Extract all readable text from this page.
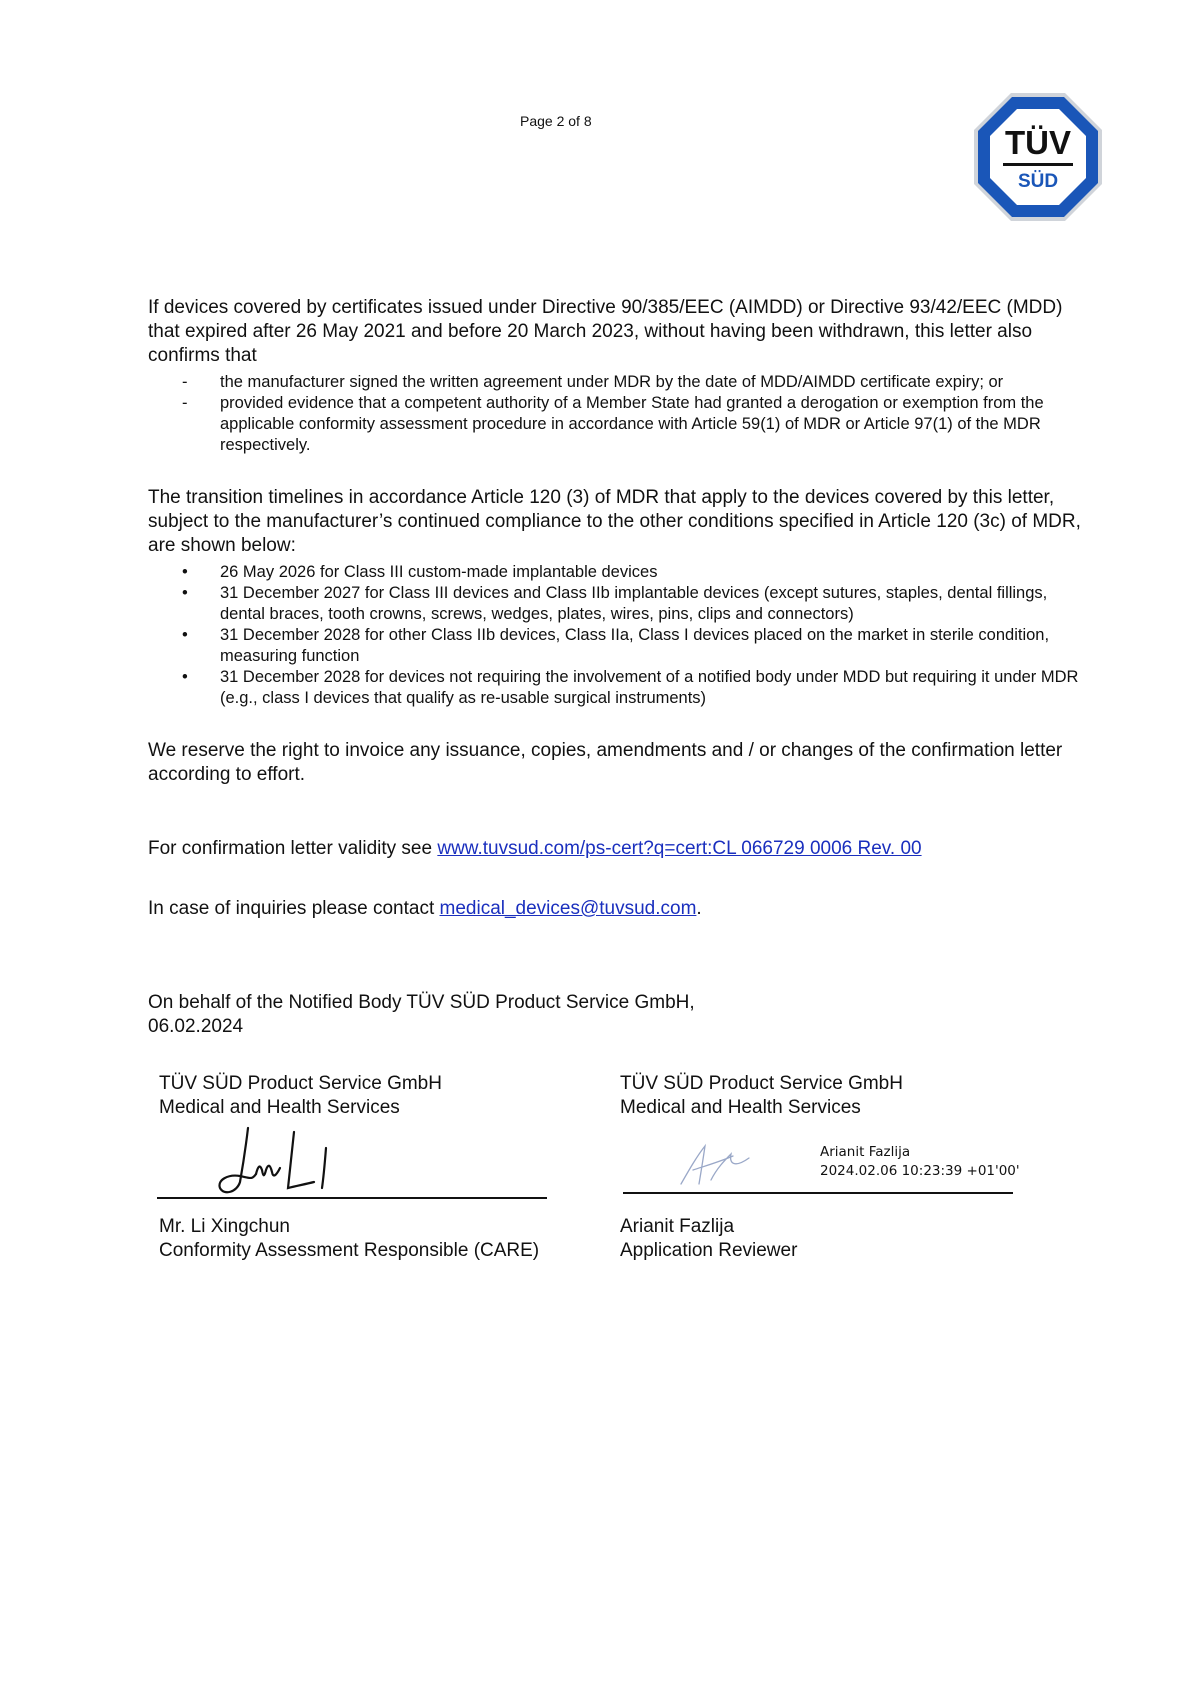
Page 2 of 8
TÜV
SÜD

If devices covered by certificates issued under Directive 90/385/EEC (AIMDD) or Directive 93/42/EEC (MDD) that expired after 26 May 2021 and before 20 March 2023, without having been withdrawn, this letter also confirms that

- the manufacturer signed the written agreement under MDR by the date of MDD/AIMDD certificate expiry; or
- provided evidence that a competent authority of a Member State had granted a derogation or exemption from the applicable conformity assessment procedure in accordance with Article 59(1) of MDR or Article 97(1) of the MDR respectively.

The transition timelines in accordance Article 120 (3) of MDR that apply to the devices covered by this letter, subject to the manufacturer’s continued compliance to the other conditions specified in Article 120 (3c) of MDR, are shown below:

• 26 May 2026 for Class III custom-made implantable devices
• 31 December 2027 for Class III devices and Class IIb implantable devices (except sutures, staples, dental fillings, dental braces, tooth crowns, screws, wedges, plates, wires, pins, clips and connectors)
• 31 December 2028 for other Class IIb devices, Class IIa, Class I devices placed on the market in sterile condition, measuring function
• 31 December 2028 for devices not requiring the involvement of a notified body under MDD but requiring it under MDR (e.g., class I devices that qualify as re-usable surgical instruments)

We reserve the right to invoice any issuance, copies, amendments and / or changes of the confirmation letter according to effort.

For confirmation letter validity see www.tuvsud.com/ps-cert?q=cert:CL 066729 0006 Rev. 00

In case of inquiries please contact medical_devices@tuvsud.com.

On behalf of the Notified Body TÜV SÜD Product Service GmbH,

06.02.2024

TÜV SÜD Product Service GmbH
Medical and Health Services
TÜV SÜD Product Service GmbH
Medical and Health Services
Arianit Fazlija
2024.02.06 10:23:39 +01'00'
Mr. Li Xingchun
Conformity Assessment Responsible (CARE)
Arianit Fazlija
Application Reviewer
